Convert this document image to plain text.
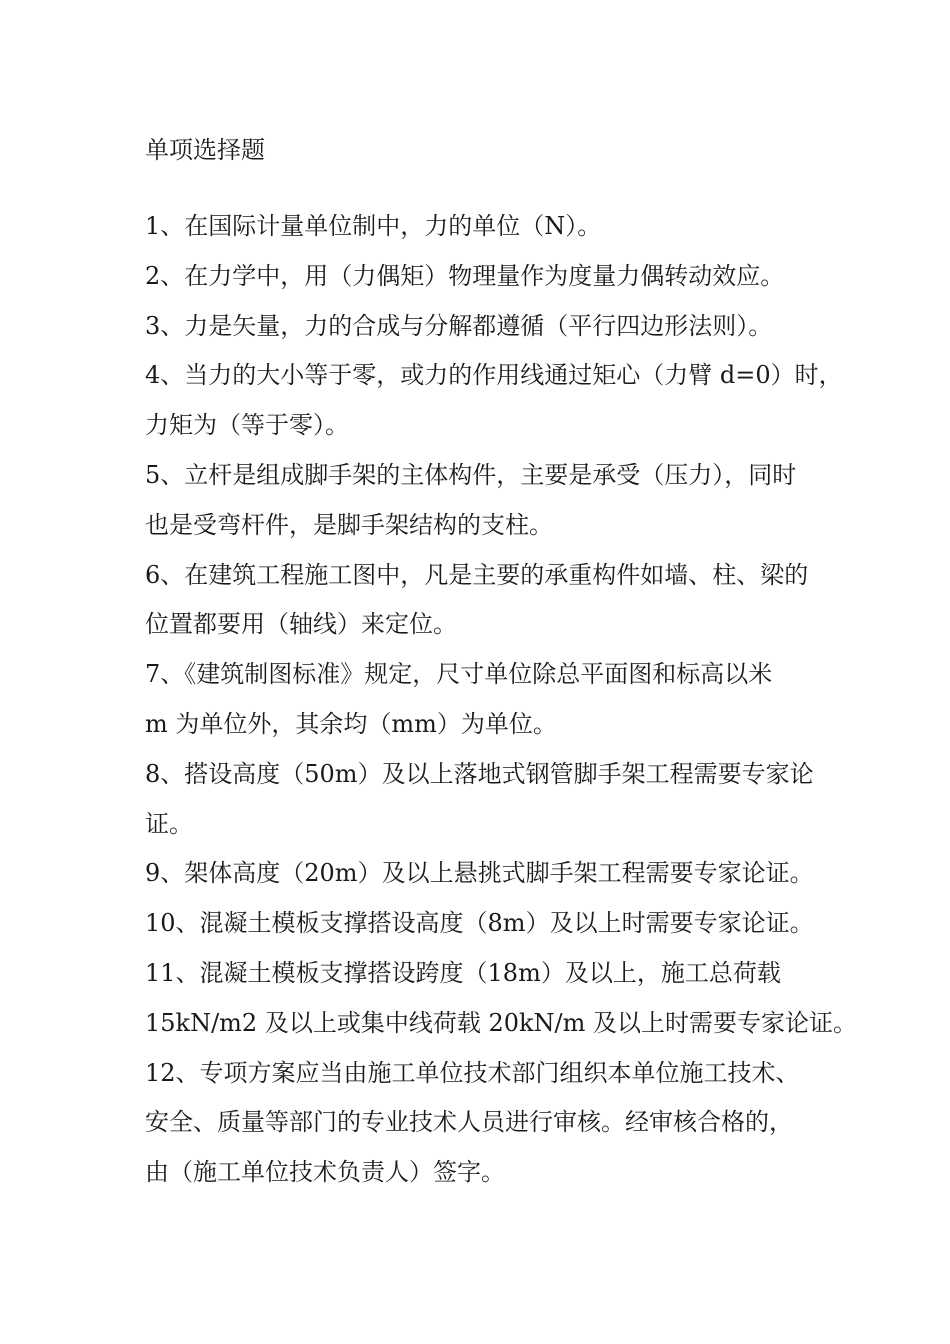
单项选择题
1、在国际计量单位制中，力的单位（N）。
2、在力学中，用（力偶矩）物理量作为度量力偶转动效应。
3、力是矢量，力的合成与分解都遵循（平行四边形法则）。
4、当力的大小等于零，或力的作用线通过矩心（力臂 d=0）时，
力矩为（等于零）。
5、立杆是组成脚手架的主体构件，主要是承受（压力），同时
也是受弯杆件，是脚手架结构的支柱。
6、在建筑工程施工图中，凡是主要的承重构件如墙、柱、梁的
位置都要用（轴线）来定位。
7、《建筑制图标准》规定，尺寸单位除总平面图和标高以米
m 为单位外，其余均（mm）为单位。
8、搭设高度（50m）及以上落地式钢管脚手架工程需要专家论
证。
9、架体高度（20m）及以上悬挑式脚手架工程需要专家论证。
10、混凝土模板支撑搭设高度（8m）及以上时需要专家论证。
11、混凝土模板支撑搭设跨度（18m）及以上，施工总荷载
15kN/m2 及以上或集中线荷载 20kN/m 及以上时需要专家论证。
12、专项方案应当由施工单位技术部门组织本单位施工技术、
安全、质量等部门的专业技术人员进行审核。经审核合格的，
由（施工单位技术负责人）签字。
